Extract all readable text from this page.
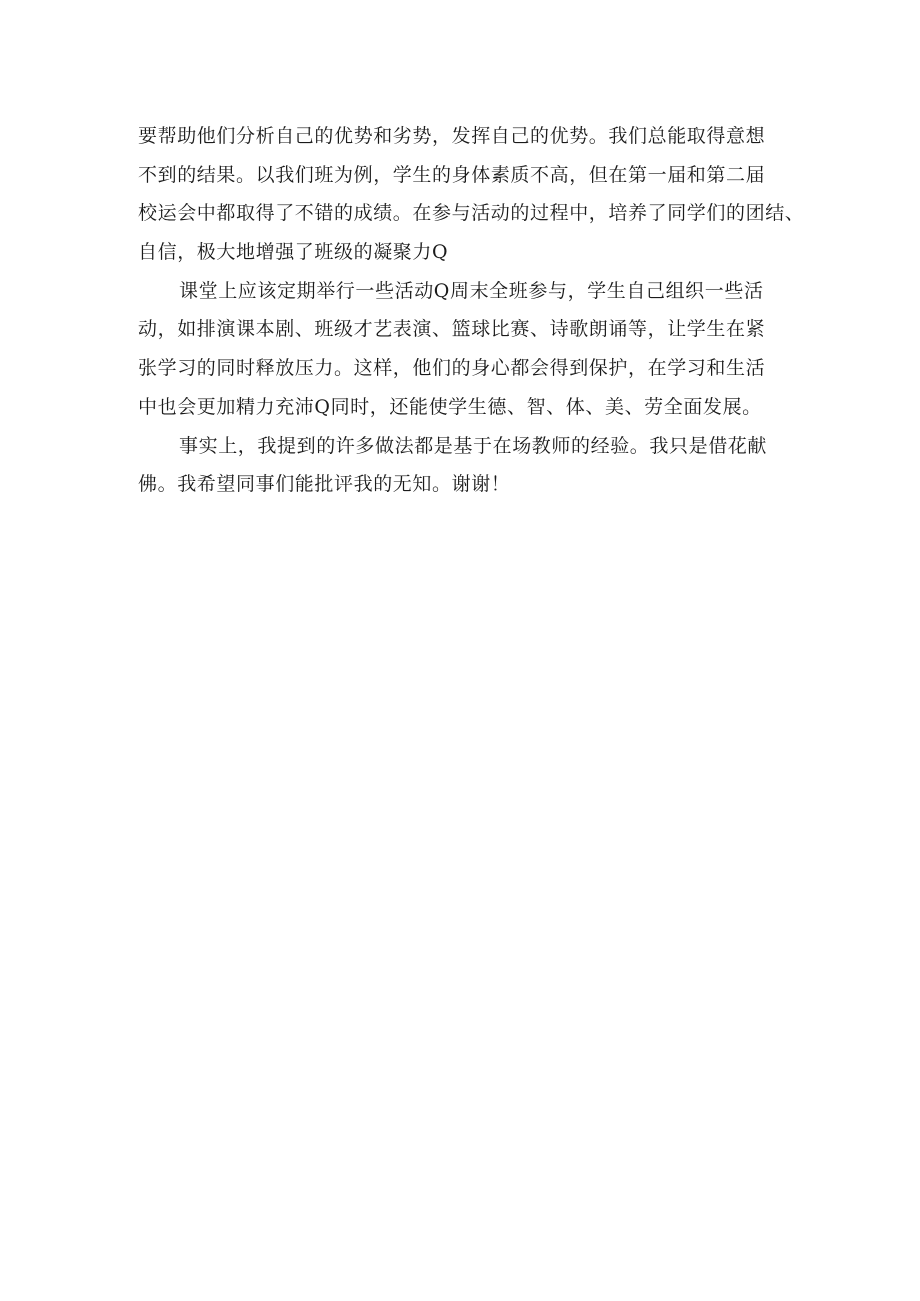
要帮助他们分析自己的优势和劣势，发挥自己的优势。我们总能取得意想
不到的结果。以我们班为例，学生的身体素质不高，但在第一届和第二届
校运会中都取得了不错的成绩。在参与活动的过程中，培养了同学们的团结、
自信，极大地增强了班级的凝聚力Q
课堂上应该定期举行一些活动Q周末全班参与，学生自己组织一些活
动，如排演课本剧、班级才艺表演、篮球比赛、诗歌朗诵等，让学生在紧
张学习的同时释放压力。这样，他们的身心都会得到保护，在学习和生活
中也会更加精力充沛Q同时，还能使学生德、智、体、美、劳全面发展。
事实上，我提到的许多做法都是基于在场教师的经验。我只是借花献
佛。我希望同事们能批评我的无知。谢谢！
